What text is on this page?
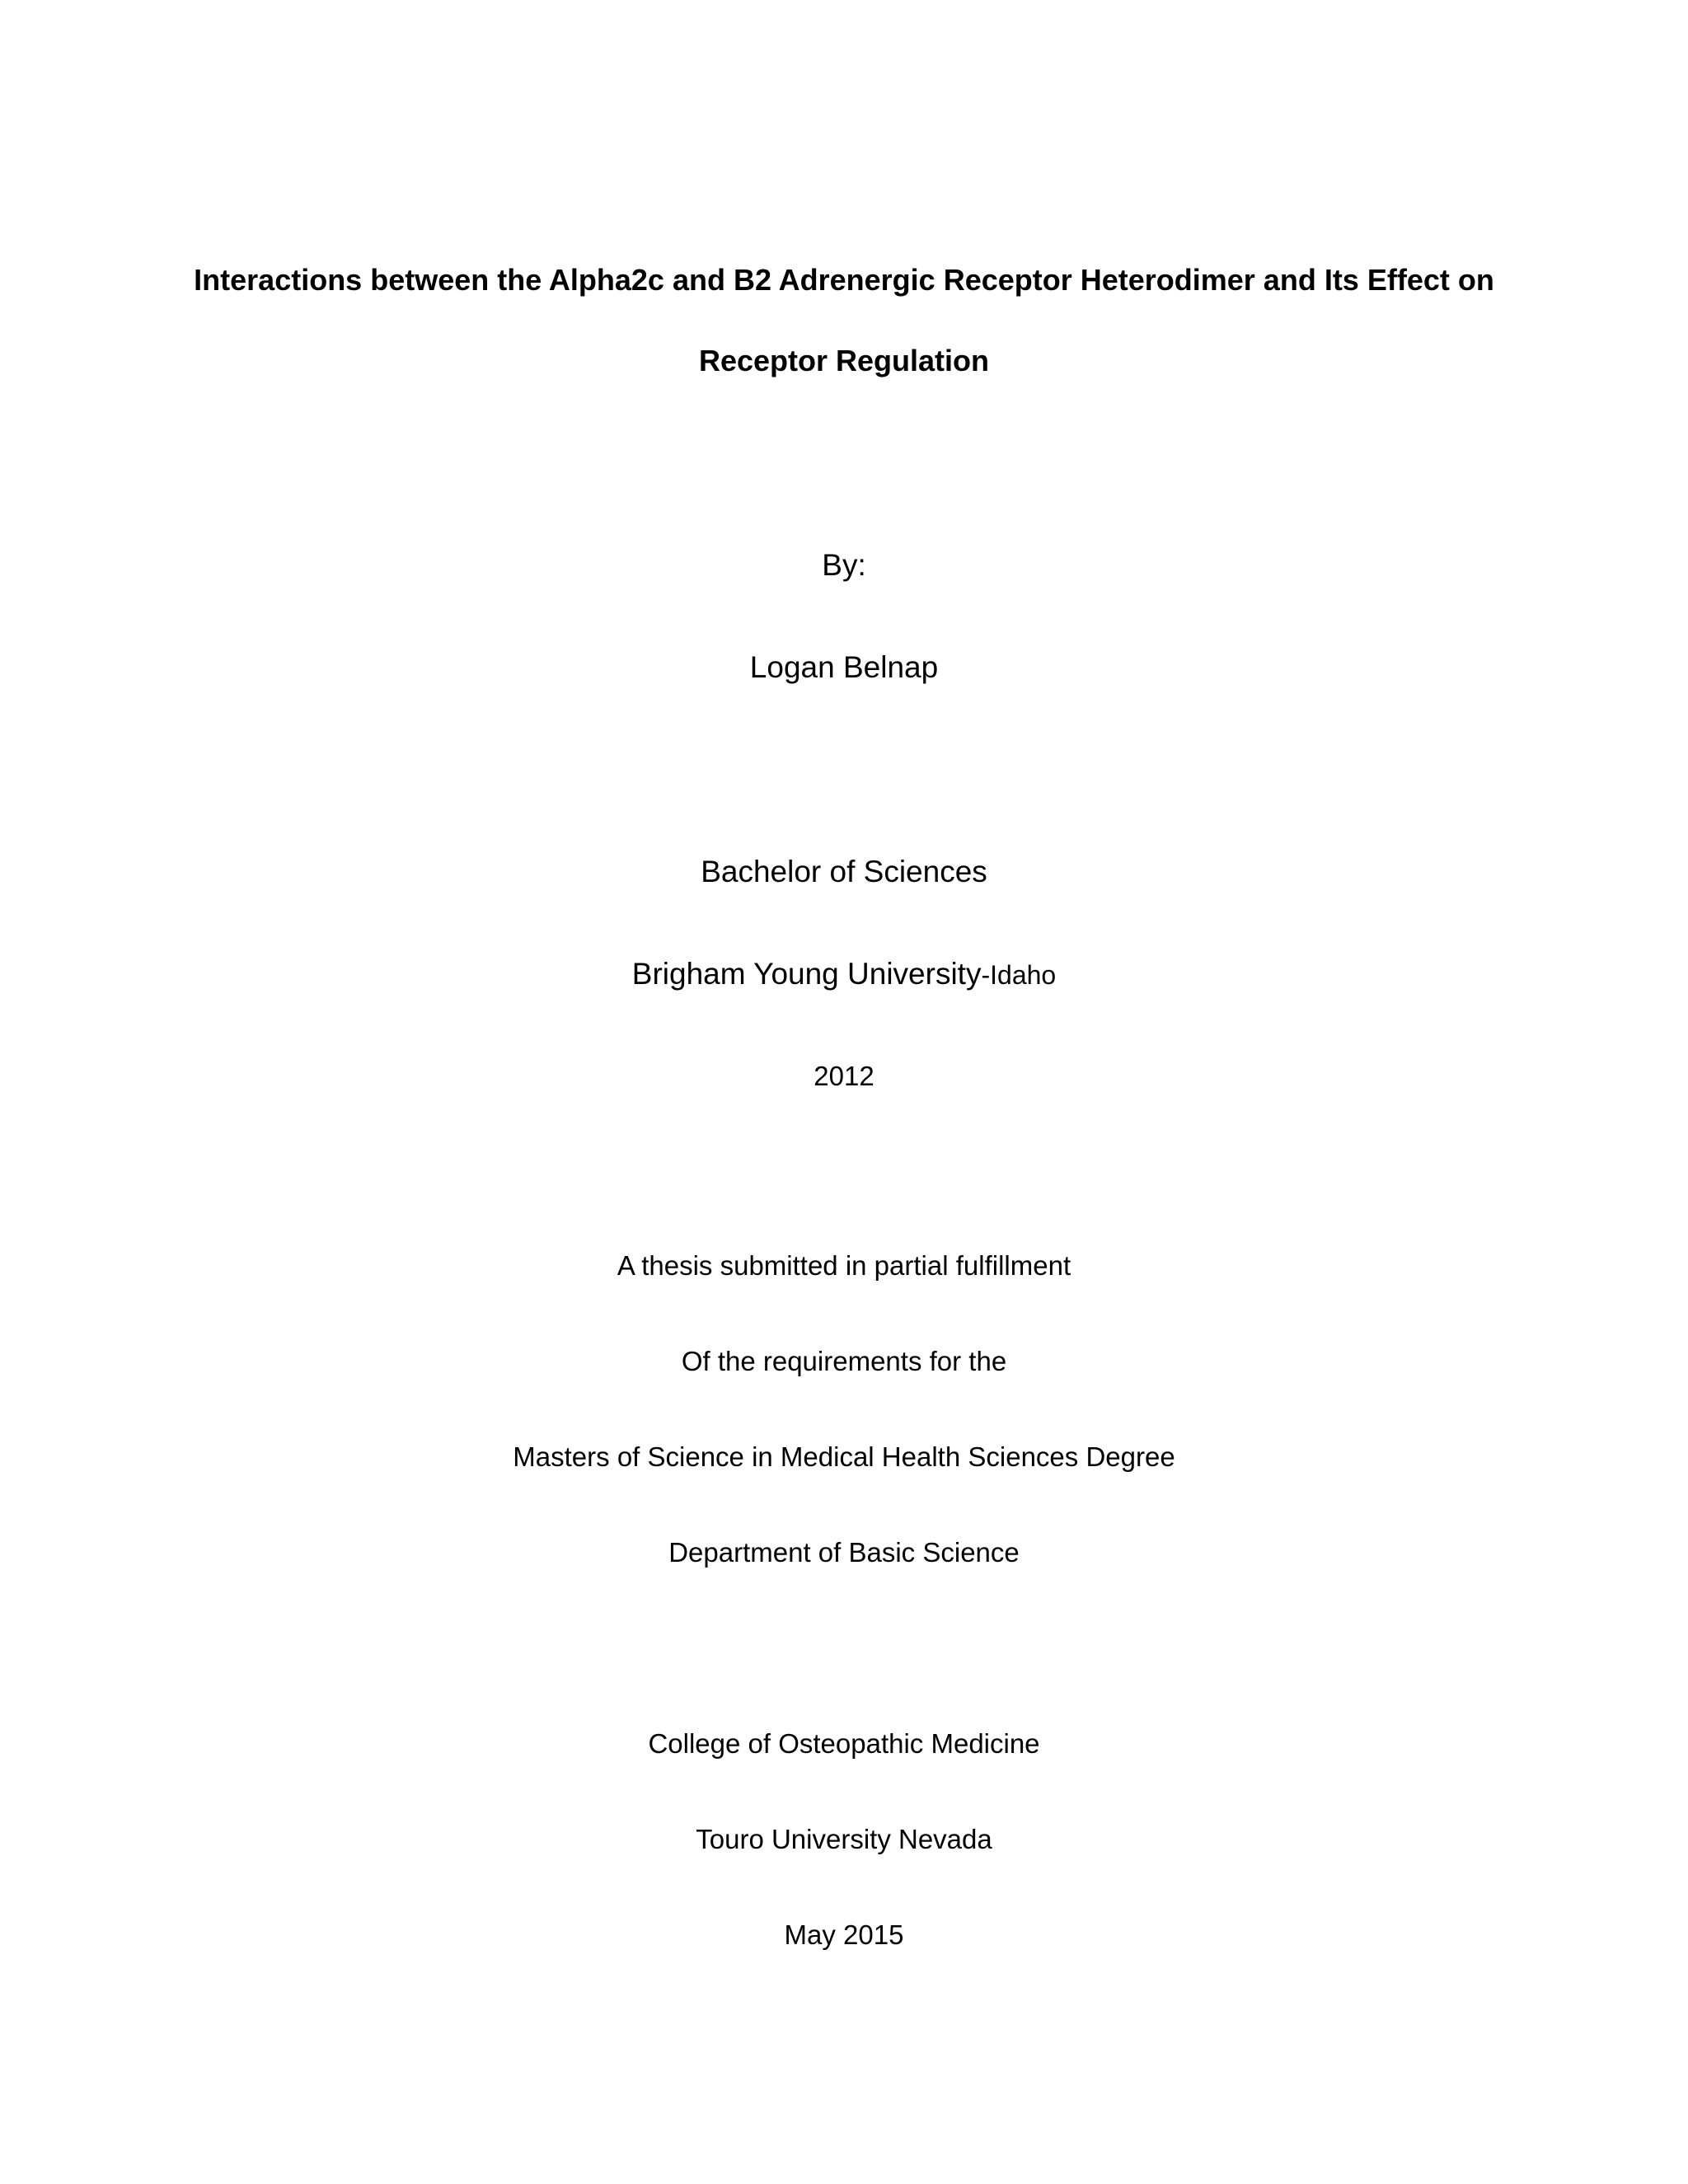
Interactions between the Alpha2c and B2 Adrenergic Receptor Heterodimer and Its Effect on
Receptor Regulation
By:
Logan Belnap
Bachelor of Sciences
Brigham Young University-Idaho
2012
A thesis submitted in partial fulfillment
Of the requirements for the
Masters of Science in Medical Health Sciences Degree
Department of Basic Science
College of Osteopathic Medicine
Touro University Nevada
May 2015
